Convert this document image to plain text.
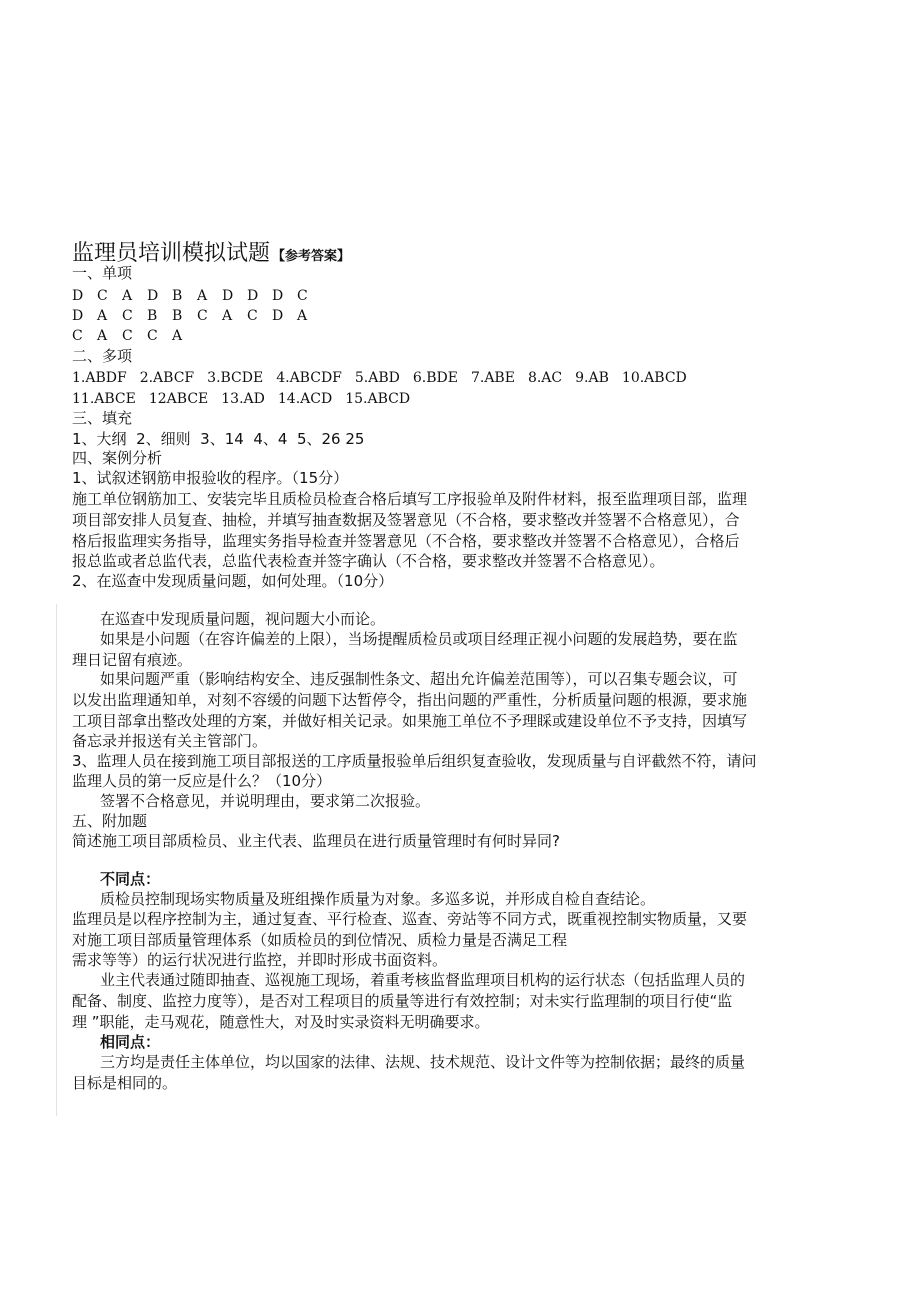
监理员培训模拟试题 【参考答案】
一、单项
D C A D B A D D D C
D A C B B C A C D A
C A C C A
二、多项
1.ABDF 2.ABCF 3.BCDE 4.ABCDF 5.ABD 6.BDE 7.ABE 8.AC 9.AB 10.ABCD
11.ABCE 12ABCE 13.AD 14.ACD 15.ABCD
三、填充
1、大纲  2、细则  3、14  4、4  5、26 25
四、案例分析
1、试叙述钢筋申报验收的程序。（15分）
施工单位钢筋加工、安装完毕且质检员检查合格后填写工序报验单及附件材料，报至监理项目部，监理
项目部安排人员复查、抽检，并填写抽查数据及签署意见（不合格，要求整改并签署不合格意见），合
格后报监理实务指导，监理实务指导检查并签署意见（不合格，要求整改并签署不合格意见），合格后
报总监或者总监代表，总监代表检查并签字确认（不合格，要求整改并签署不合格意见）。
2、在巡查中发现质量问题，如何处理。（10分）
在巡查中发现质量问题，视问题大小而论。
如果是小问题（在容许偏差的上限），当场提醒质检员或项目经理正视小问题的发展趋势，要在监
理日记留有痕迹。
如果问题严重（影响结构安全、违反强制性条文、超出允许偏差范围等），可以召集专题会议，可
以发出监理通知单，对刻不容缓的问题下达暂停令，指出问题的严重性，分析质量问题的根源，要求施
工项目部拿出整改处理的方案，并做好相关记录。如果施工单位不予理睬或建设单位不予支持，因填写
备忘录并报送有关主管部门。
3、监理人员在接到施工项目部报送的工序质量报验单后组织复查验收，发现质量与自评截然不符，请问
监理人员的第一反应是什么？（10分）
签署不合格意见，并说明理由，要求第二次报验。
五、附加题
简述施工项目部质检员、业主代表、监理员在进行质量管理时有何时异同?
不同点：
质检员控制现场实物质量及班组操作质量为对象。多巡多说，并形成自检自查结论。
监理员是以程序控制为主，通过复查、平行检查、巡查、旁站等不同方式，既重视控制实物质量，又要
对施工项目部质量管理体系（如质检员的到位情况、质检力量是否满足工程
需求等等）的运行状况进行监控，并即时形成书面资料。
业主代表通过随即抽查、巡视施工现场，着重考核监督监理项目机构的运行状态（包括监理人员的
配备、制度、监控力度等），是否对工程项目的质量等进行有效控制；对未实行监理制的项目行使“监
理 ”职能，走马观花，随意性大，对及时实录资料无明确要求。
相同点：
三方均是责任主体单位，均以国家的法律、法规、技术规范、设计文件等为控制依据；最终的质量
目标是相同的。
